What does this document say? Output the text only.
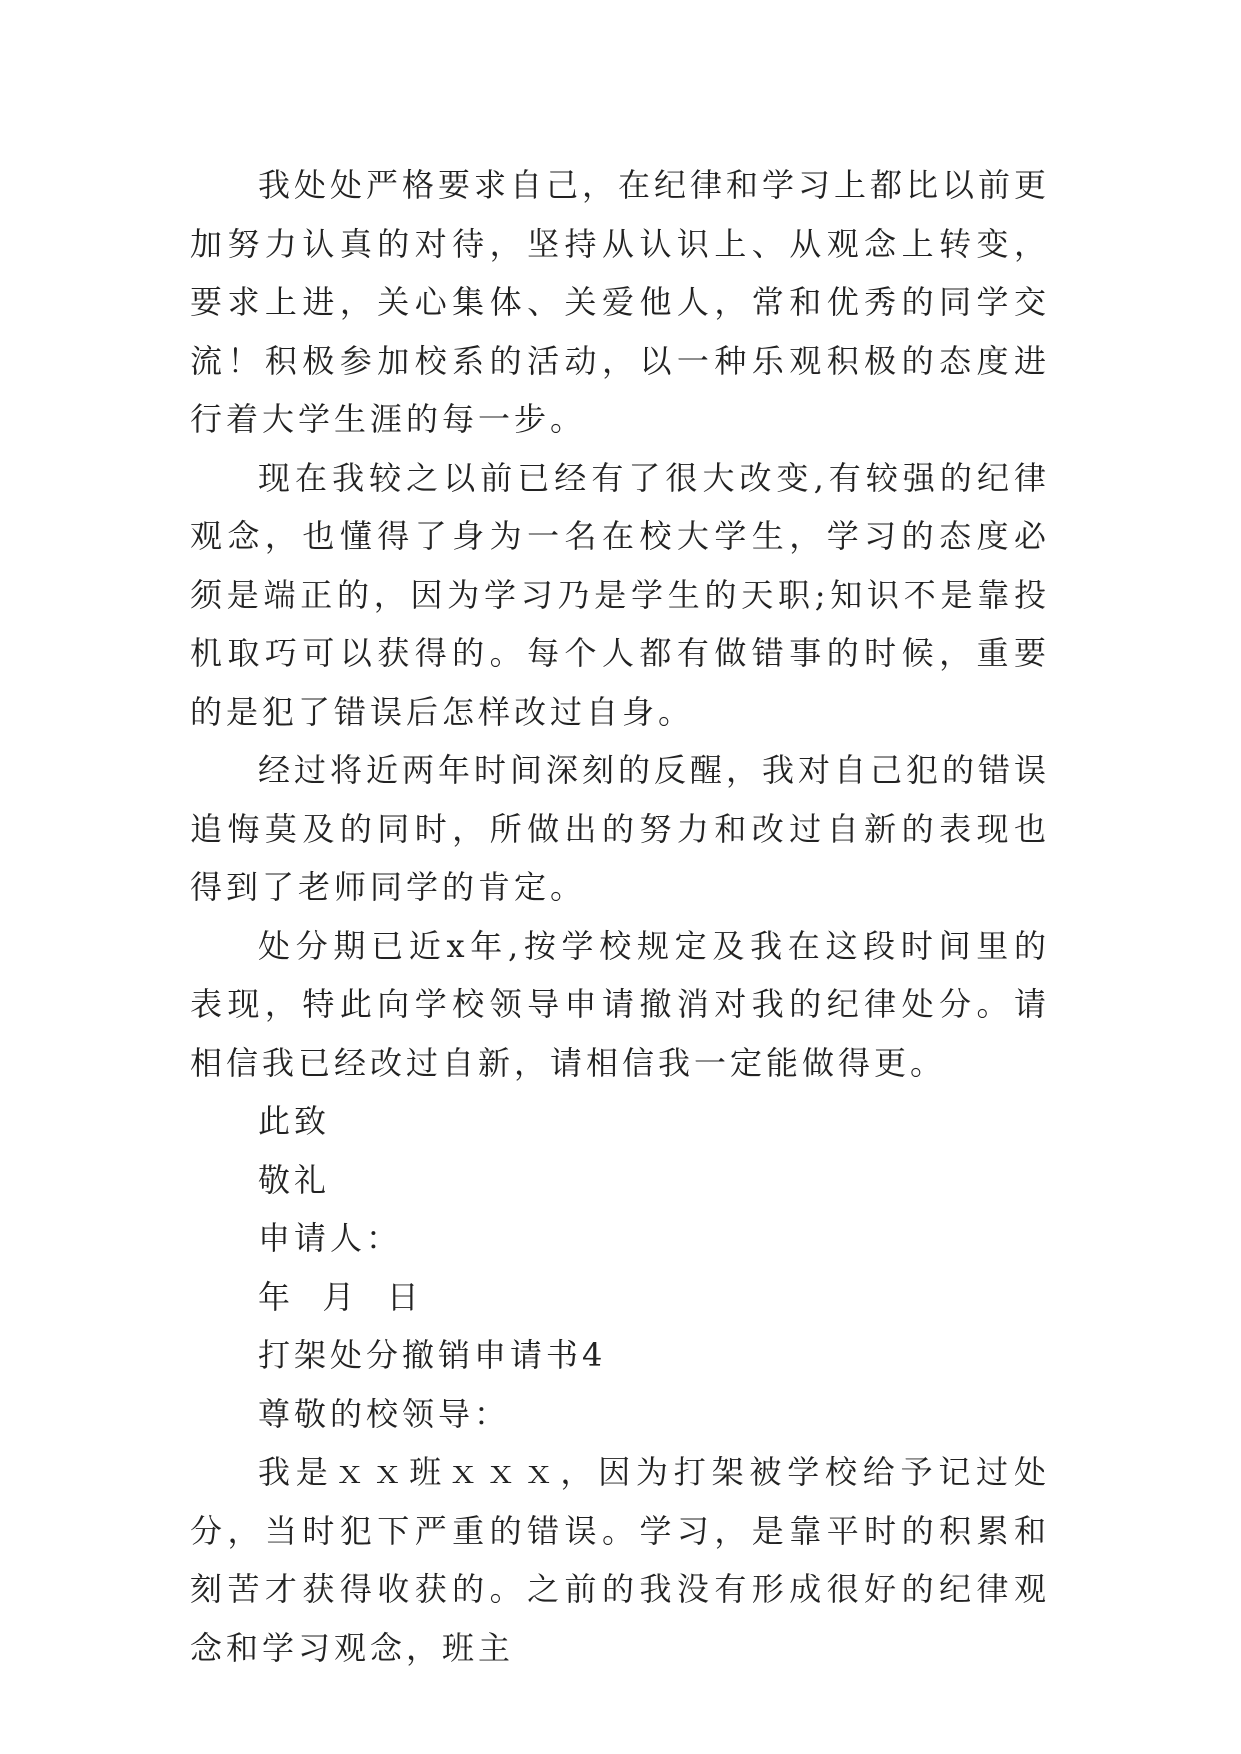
我处处严格要求自己，在纪律和学习上都比以前更加努力认真的对待，坚持从认识上、从观念上转变，要求上进，关心集体、关爱他人，常和优秀的同学交流！积极参加校系的活动，以一种乐观积极的态度进行着大学生涯的每一步。

现在我较之以前已经有了很大改变,有较强的纪律观念，也懂得了身为一名在校大学生，学习的态度必须是端正的，因为学习乃是学生的天职;知识不是靠投机取巧可以获得的。每个人都有做错事的时候，重要的是犯了错误后怎样改过自身。

经过将近两年时间深刻的反醒，我对自己犯的错误追悔莫及的同时，所做出的努力和改过自新的表现也得到了老师同学的肯定。

处分期已近x年,按学校规定及我在这段时间里的表现，特此向学校领导申请撤消对我的纪律处分。请相信我已经改过自新，请相信我一定能做得更。

此致

敬礼

申请人：

年  月  日

打架处分撤销申请书4

尊敬的校领导：

我是ｘｘ班ｘｘｘ，因为打架被学校给予记过处分，当时犯下严重的错误。学习，是靠平时的积累和刻苦才获得收获的。之前的我没有形成很好的纪律观念和学习观念，班主
